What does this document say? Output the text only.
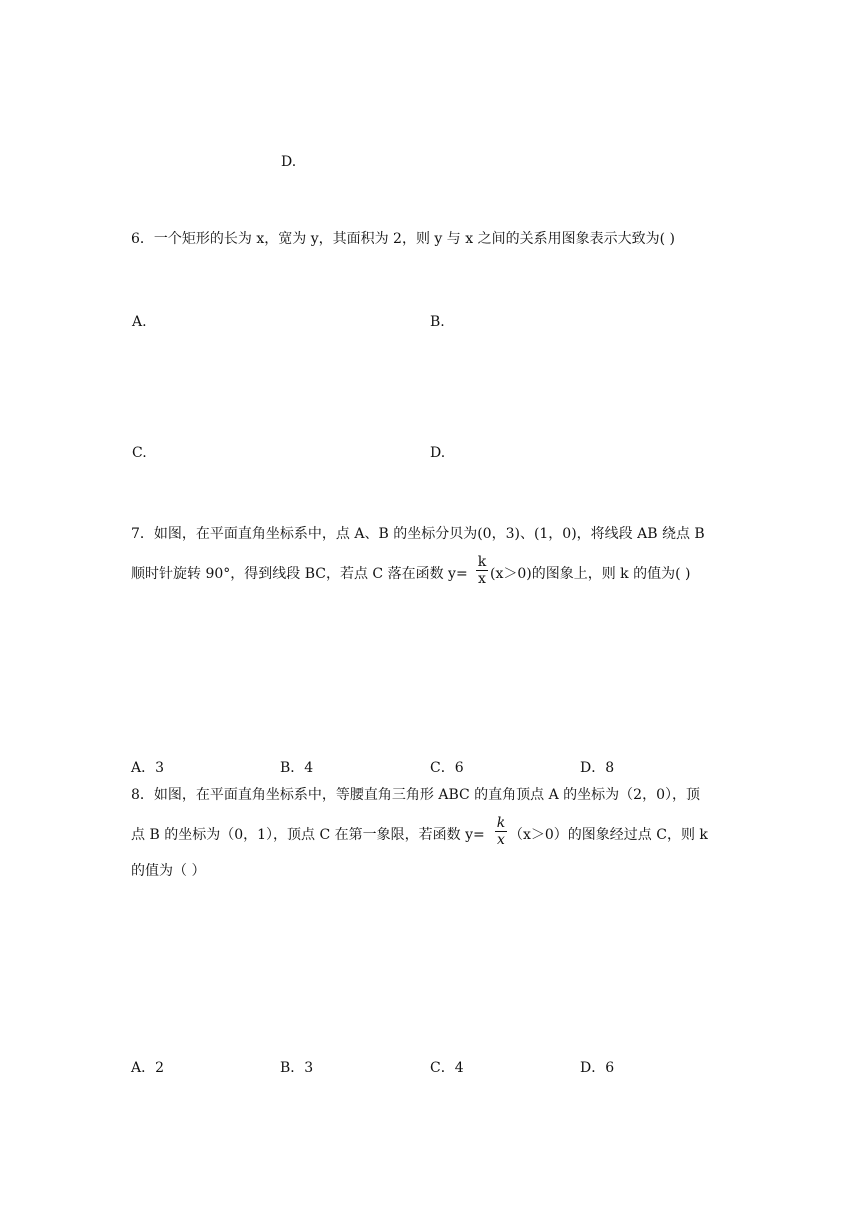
D.
y
x
O 10	100
6．一个矩形的长为 x，宽为 y，其面积为 2，则 y 与 x 之间的关系用图象表示大致为( )
A.
y
x
O
B.
y
x
O
C.
y
x
O
D.
y
x
O
7．如图，在平面直角坐标系中，点 A、B 的坐标分贝为(0，3)、(1，0)，将线段 AB 绕点 B
顺时针旋转 90°，得到线段 BC，若点 C 落在函数 $y= \frac{k}{x} (x>0)$的图象上，则 k 的值为( )
y
x
O
A
B
C
A．3	B．4	C．6	D．8
8．如图，在平面直角坐标系中，等腰直角三角形 ABC 的直角顶点 A 的坐标为（2，0），顶
点 B 的坐标为（0，1），顶点 C 在第一象限，若函数 $y= \frac{k}{x} (x>0)$的图象经过点 C，则 k
的值为（ ）
y
x
O	A
B
C
A．2	B．3	C．4	D．6
